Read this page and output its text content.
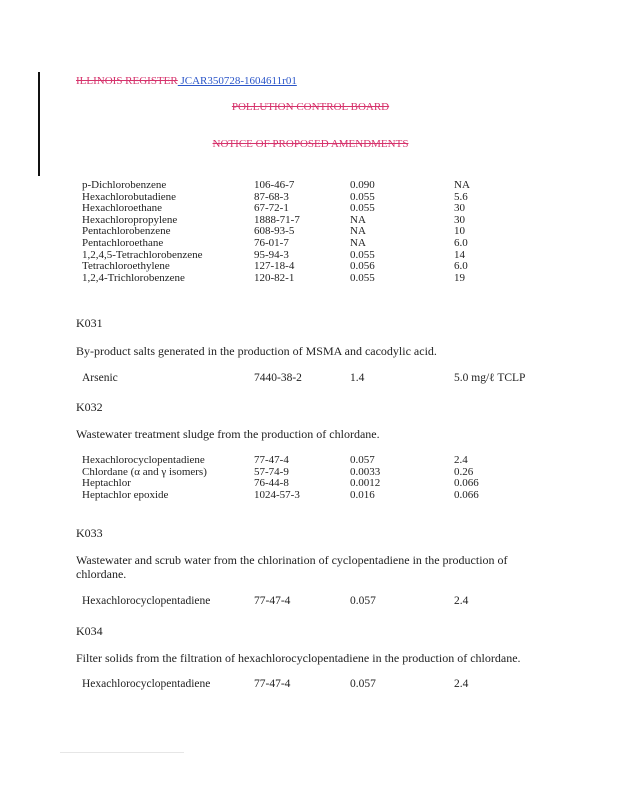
ILLINOIS REGISTER JCAR350728-1604611r01
POLLUTION CONTROL BOARD
NOTICE OF PROPOSED AMENDMENTS
p-Dichlorobenzene	106-46-7	0.090	NA
Hexachlorobutadiene	87-68-3	0.055	5.6
Hexachloroethane	67-72-1	0.055	30
Hexachloropropylene	1888-71-7	NA	30
Pentachlorobenzene	608-93-5	NA	10
Pentachloroethane	76-01-7	NA	6.0
1,2,4,5-Tetrachlorobenzene	95-94-3	0.055	14
Tetrachloroethylene	127-18-4	0.056	6.0
1,2,4-Trichlorobenzene	120-82-1	0.055	19
K031
By-product salts generated in the production of MSMA and cacodylic acid.
Arsenic	7440-38-2	1.4	5.0 mg/ℓ TCLP
K032
Wastewater treatment sludge from the production of chlordane.
Hexachlorocyclopentadiene	77-47-4	0.057	2.4
Chlordane (α and γ isomers)	57-74-9	0.0033	0.26
Heptachlor	76-44-8	0.0012	0.066
Heptachlor epoxide	1024-57-3	0.016	0.066
K033
Wastewater and scrub water from the chlorination of cyclopentadiene in the production of chlordane.
Hexachlorocyclopentadiene	77-47-4	0.057	2.4
K034
Filter solids from the filtration of hexachlorocyclopentadiene in the production of chlordane.
Hexachlorocyclopentadiene	77-47-4	0.057	2.4
